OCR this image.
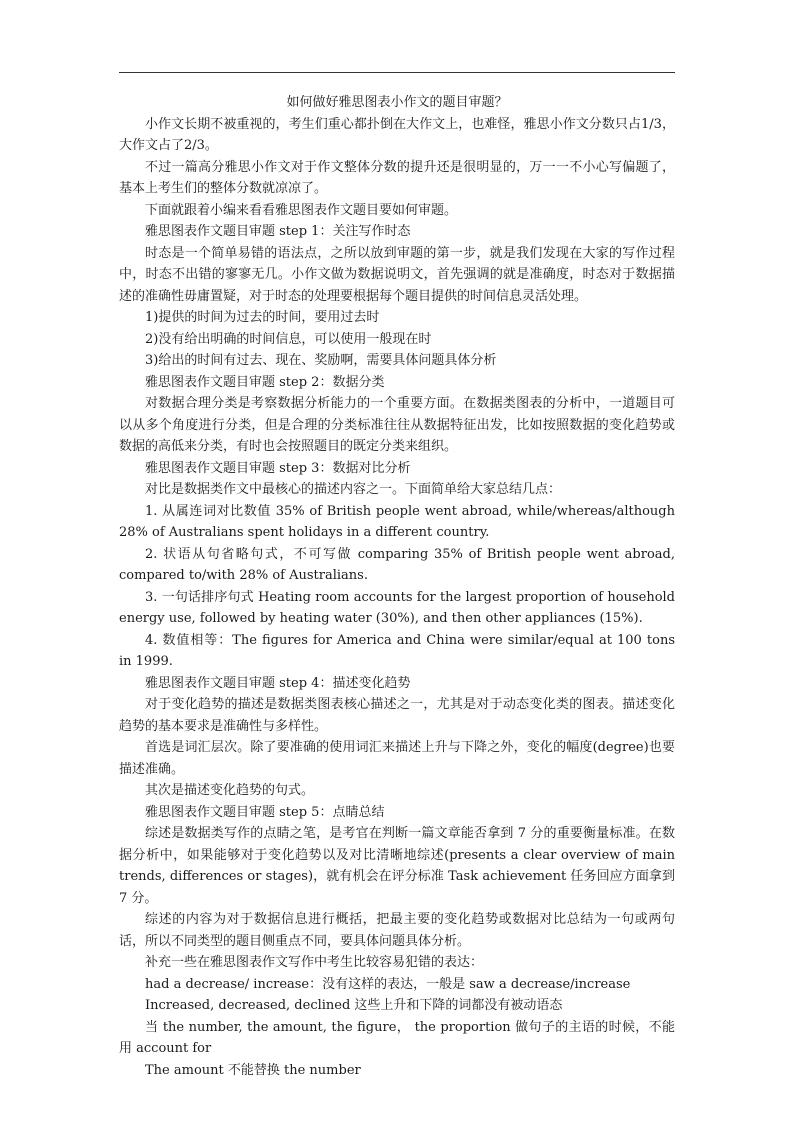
如何做好雅思图表小作文的题目审题？

小作文长期不被重视的，考生们重心都扑倒在大作文上，也难怪，雅思小作文分数只占1/3，大作文占了2/3。

不过一篇高分雅思小作文对于作文整体分数的提升还是很明显的，万一一不小心写偏题了，基本上考生们的整体分数就凉凉了。

下面就跟着小编来看看雅思图表作文题目要如何审题。

雅思图表作文题目审题 step 1：关注写作时态

时态是一个简单易错的语法点，之所以放到审题的第一步，就是我们发现在大家的写作过程中，时态不出错的寥寥无几。小作文做为数据说明文，首先强调的就是准确度，时态对于数据描述的准确性毋庸置疑，对于时态的处理要根据每个题目提供的时间信息灵活处理。

1)提供的时间为过去的时间，要用过去时

2)没有给出明确的时间信息，可以使用一般现在时

3)给出的时间有过去、现在、奖励啊，需要具体问题具体分析

雅思图表作文题目审题 step 2：数据分类

对数据合理分类是考察数据分析能力的一个重要方面。在数据类图表的分析中，一道题目可以从多个角度进行分类，但是合理的分类标准往往从数据特征出发，比如按照数据的变化趋势或数据的高低来分类，有时也会按照题目的既定分类来组织。

雅思图表作文题目审题 step 3：数据对比分析

对比是数据类作文中最核心的描述内容之一。下面简单给大家总结几点：

1. 从属连词对比数值 35% of British people went abroad, while/whereas/although 28% of Australians spent holidays in a different country.

2. 状语从句省略句式，不可写做 comparing 35% of British people went abroad, compared to/with 28% of Australians.

3. 一句话排序句式 Heating room accounts for the largest proportion of household energy use, followed by heating water (30%), and then other appliances (15%).

4. 数值相等：The figures for America and China were similar/equal at 100 tons in 1999.

雅思图表作文题目审题 step 4：描述变化趋势

对于变化趋势的描述是数据类图表核心描述之一，尤其是对于动态变化类的图表。描述变化趋势的基本要求是准确性与多样性。

首选是词汇层次。除了要准确的使用词汇来描述上升与下降之外，变化的幅度(degree)也要描述准确。

其次是描述变化趋势的句式。

雅思图表作文题目审题 step 5：点睛总结

综述是数据类写作的点睛之笔，是考官在判断一篇文章能否拿到 7 分的重要衡量标准。在数据分析中，如果能够对于变化趋势以及对比清晰地综述(presents a clear overview of main trends, differences or stages)，就有机会在评分标准 Task achievement 任务回应方面拿到 7 分。

综述的内容为对于数据信息进行概括，把最主要的变化趋势或数据对比总结为一句或两句话，所以不同类型的题目侧重点不同，要具体问题具体分析。

补充一些在雅思图表作文写作中考生比较容易犯错的表达：

had a decrease/ increase：没有这样的表达，一般是 saw a decrease/increase

Increased, decreased, declined 这些上升和下降的词都没有被动语态

当 the number, the amount, the figure， the proportion 做句子的主语的时候，不能用 account for

The amount 不能替换 the number
